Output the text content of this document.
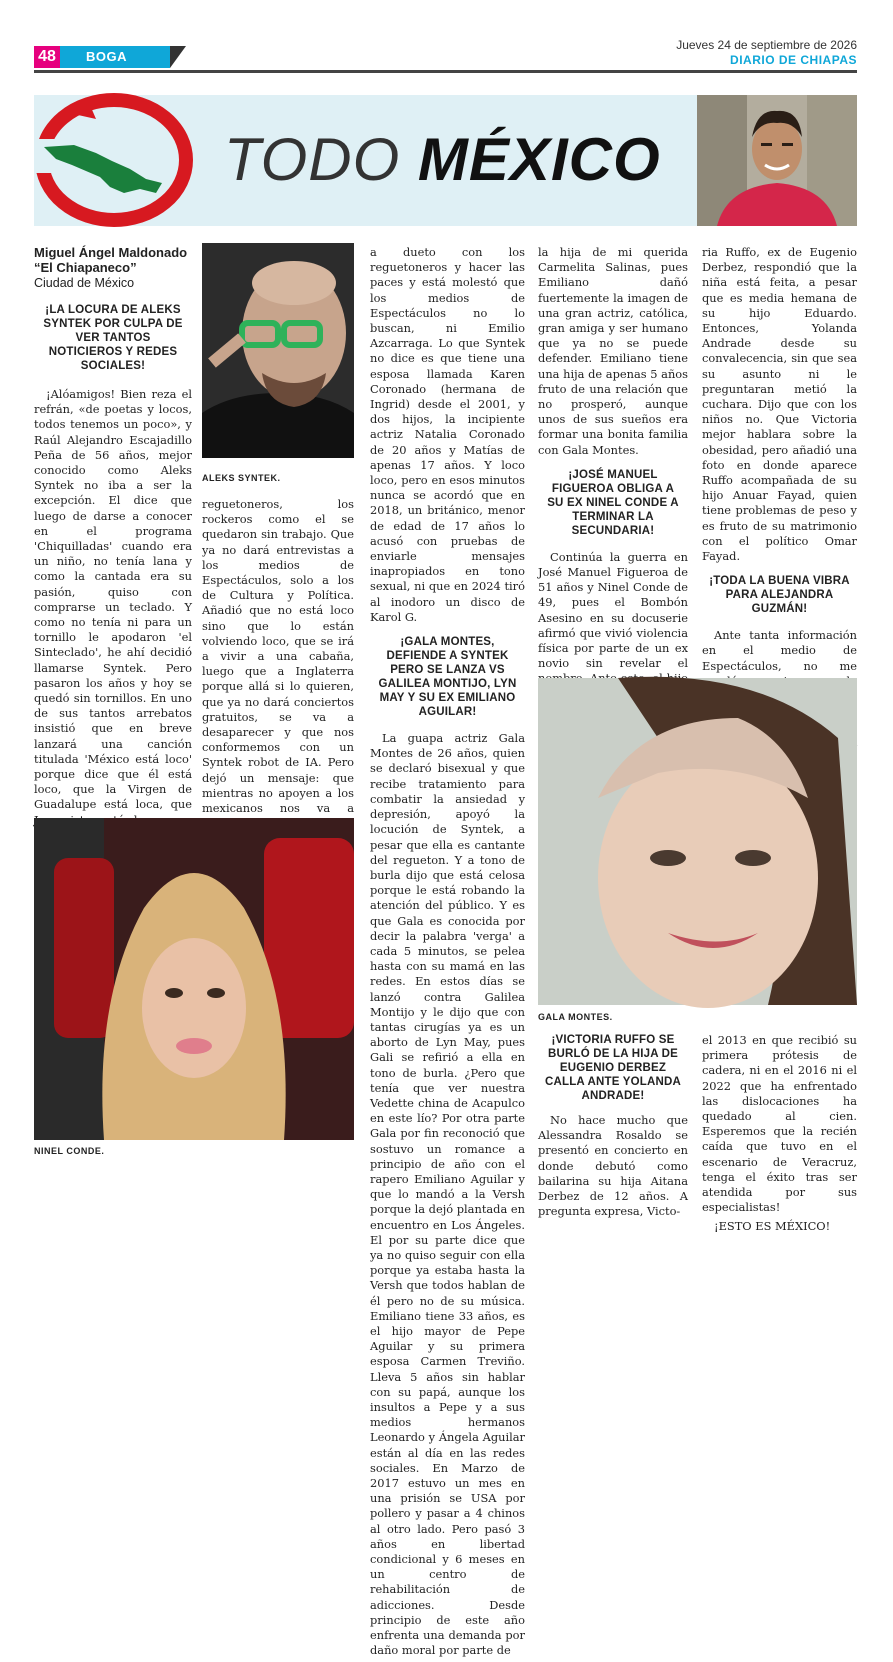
48	BOGA
Jueves 24 de septiembre de 2026
DIARIO DE CHIAPAS
TODO MÉXICO
Miguel Ángel Maldonado
“El Chiapaneco”
Ciudad de México
¡LA LOCURA DE ALEKS SYNTEK POR CULPA DE VER TANTOS NOTICIEROS Y REDES SOCIALES!

¡Alóamigos! Bien reza el refrán, «de poetas y locos, todos tenemos un poco», y Raúl Alejandro Escajadillo Peña de 56 años, mejor conocido como Aleks Syntek no iba a ser la excepción. El dice que luego de darse a conocer en el programa 'Chiquilladas' cuando era un niño, no tenía lana y como la cantada era su pasión, quiso con comprarse un teclado. Y como no tenía ni para un tornillo le apodaron 'el Sinteclado', he ahí decidió llamarse Syntek. Pero pasaron los años y hoy se quedó sin tornillos. En uno de sus tantos arrebatos insistió que en breve lanzará una canción titulada 'México está loco' porque dice que él está loco, que la Virgen de Guadalupe está loca, que

ALEKS SYNTEK.

reguetoneros, los rockeros como el se quedaron sin trabajo. Que ya no dará entrevistas a los medios de Espectáculos, solo a los de Cultura y Política. Añadió que no está loco sino que lo están volviendo loco, que se irá a vivir a una cabaña, luego que a Inglaterra porque allá si lo quieren, que ya no dará conciertos gratuitos, se va a desaparecer y que nos conformemos con un Syntek robot de IA. Pero dejó un mensaje: que mientras no apoyen a los mexicanos nos va a

NINEL CONDE.

a dueto con los reguetoneros y hacer las paces y está molestó que los medios de Espectáculos no lo buscan, ni Emilio Azcarraga. Lo que Syntek no dice es que tiene una esposa llamada Karen Coronado (hermana de Ingrid) desde el 2001, y dos hijos, la incipiente actriz Natalia Coronado de 20 años y Matías de apenas 17 años. Y loco loco, pero en esos minutos nunca se acordó que en 2018, un británico, menor de edad de 17 años lo acusó con pruebas de enviarle mensajes inapropiados en tono sexual, ni que en 2024 tiró al inodoro un disco de Karol G.

¡GALA MONTES, DEFIENDE A SYNTEK PERO SE LANZA VS GALILEA MONTIJO, LYN MAY Y SU EX EMILIANO AGUILAR!

La guapa actriz Gala Montes de 26 años, quien se declaró bisexual y que recibe tratamiento para combatir la ansiedad y depresión, apoyó la locución de Syntek, a pesar que ella es cantante del regueton. Y a tono de burla dijo que está celosa porque le está robando la atención del público. Y es que Gala es conocida por decir la palabra 'verga' a cada 5 minutos, se pelea hasta con su mamá en las redes. En estos días se lanzó contra Galilea Montijo y le dijo que con tantas cirugías ya es un aborto de Lyn May, pues Gali se refirió a ella en tono de burla. ¿Pero que tenía que ver nuestra Vedette china de Acapulco en este lío? Por otra parte Gala por fin reconoció que sostuvo un romance a principio de año con el rapero Emiliano Aguilar y que lo mandó a la Versh porque la dejó plantada en encuentro en Los Ángeles. El por su parte dice que ya no quiso seguir con ella porque ya estaba hasta la Versh que todos hablan de él pero no de su música. Emiliano tiene 33 años, es el hijo mayor de Pepe Aguilar y su primera esposa Carmen Treviño. Lleva 5 años sin hablar con su papá, aunque los insultos a Pepe y a sus medios hermanos Leonardo y Ángela Aguilar están al día en las redes sociales. En Marzo de 2017 estuvo un mes en una prisión se USA por pollero y pasar a 4 chinos al otro lado. Pero pasó 3 años en libertad condicional y 6 meses en un centro de rehabilitación de adicciones. Desde principio de este año enfrenta una demanda por daño moral por parte de

la hija de mi querida Carmelita Salinas, pues Emiliano dañó fuertemente la imagen de una gran actriz, católica, gran amiga y ser humano que ya no se puede defender. Emiliano tiene una hija de apenas 5 años fruto de una relación que no prosperó, aunque unos de sus sueños era formar una bonita familia con Gala Montes.

¡JOSÉ MANUEL FIGUEROA OBLIGA A SU EX NINEL CONDE A TERMINAR LA SECUNDARIA!

Continúa la guerra en José Manuel Figueroa de 51 años y Ninel Conde de 49, pues el Bombón Asesino en su docuserie afirmó que vivió violencia física por parte de un ex novio sin revelar el

ria Ruffo, ex de Eugenio Derbez, respondió que la niña está feita, a pesar que es media hemana de su hijo Eduardo. Entonces, Yolanda Andrade desde su convalecencia, sin que sea su asunto ni le preguntaran metió la cuchara. Dijo que con los niños no. Que Victoria mejor hablara sobre la obesidad, pero añadió una foto en donde aparece Ruffo acompañada de su hijo Anuar Fayad, quien tiene problemas de peso y es fruto de su matrimonio con el político Omar Fayad.

¡TODA LA BUENA VIBRA PARA ALEJANDRA GUZMÁN!

Ante tanta información en el medio de Espectáculos, no me

GALA MONTES.
¡VICTORIA RUFFO SE BURLÓ DE LA HIJA DE EUGENIO DERBEZ CALLA ANTE YOLANDA ANDRADE!

No hace mucho que Alessandra Rosaldo se presentó en concierto en donde debutó como bailarina su hija Aitana Derbez de 12 años. A pregunta expresa, Victo-

el 2013 en que recibió su primera prótesis de cadera, ni en el 2016 ni el 2022 que ha enfrentado las dislocaciones ha quedado al cien. Esperemos que la recién caída que tuvo en el escenario de Veracruz, tenga el éxito tras ser atendida por sus especialistas!

¡ESTO ES MÉXICO!
